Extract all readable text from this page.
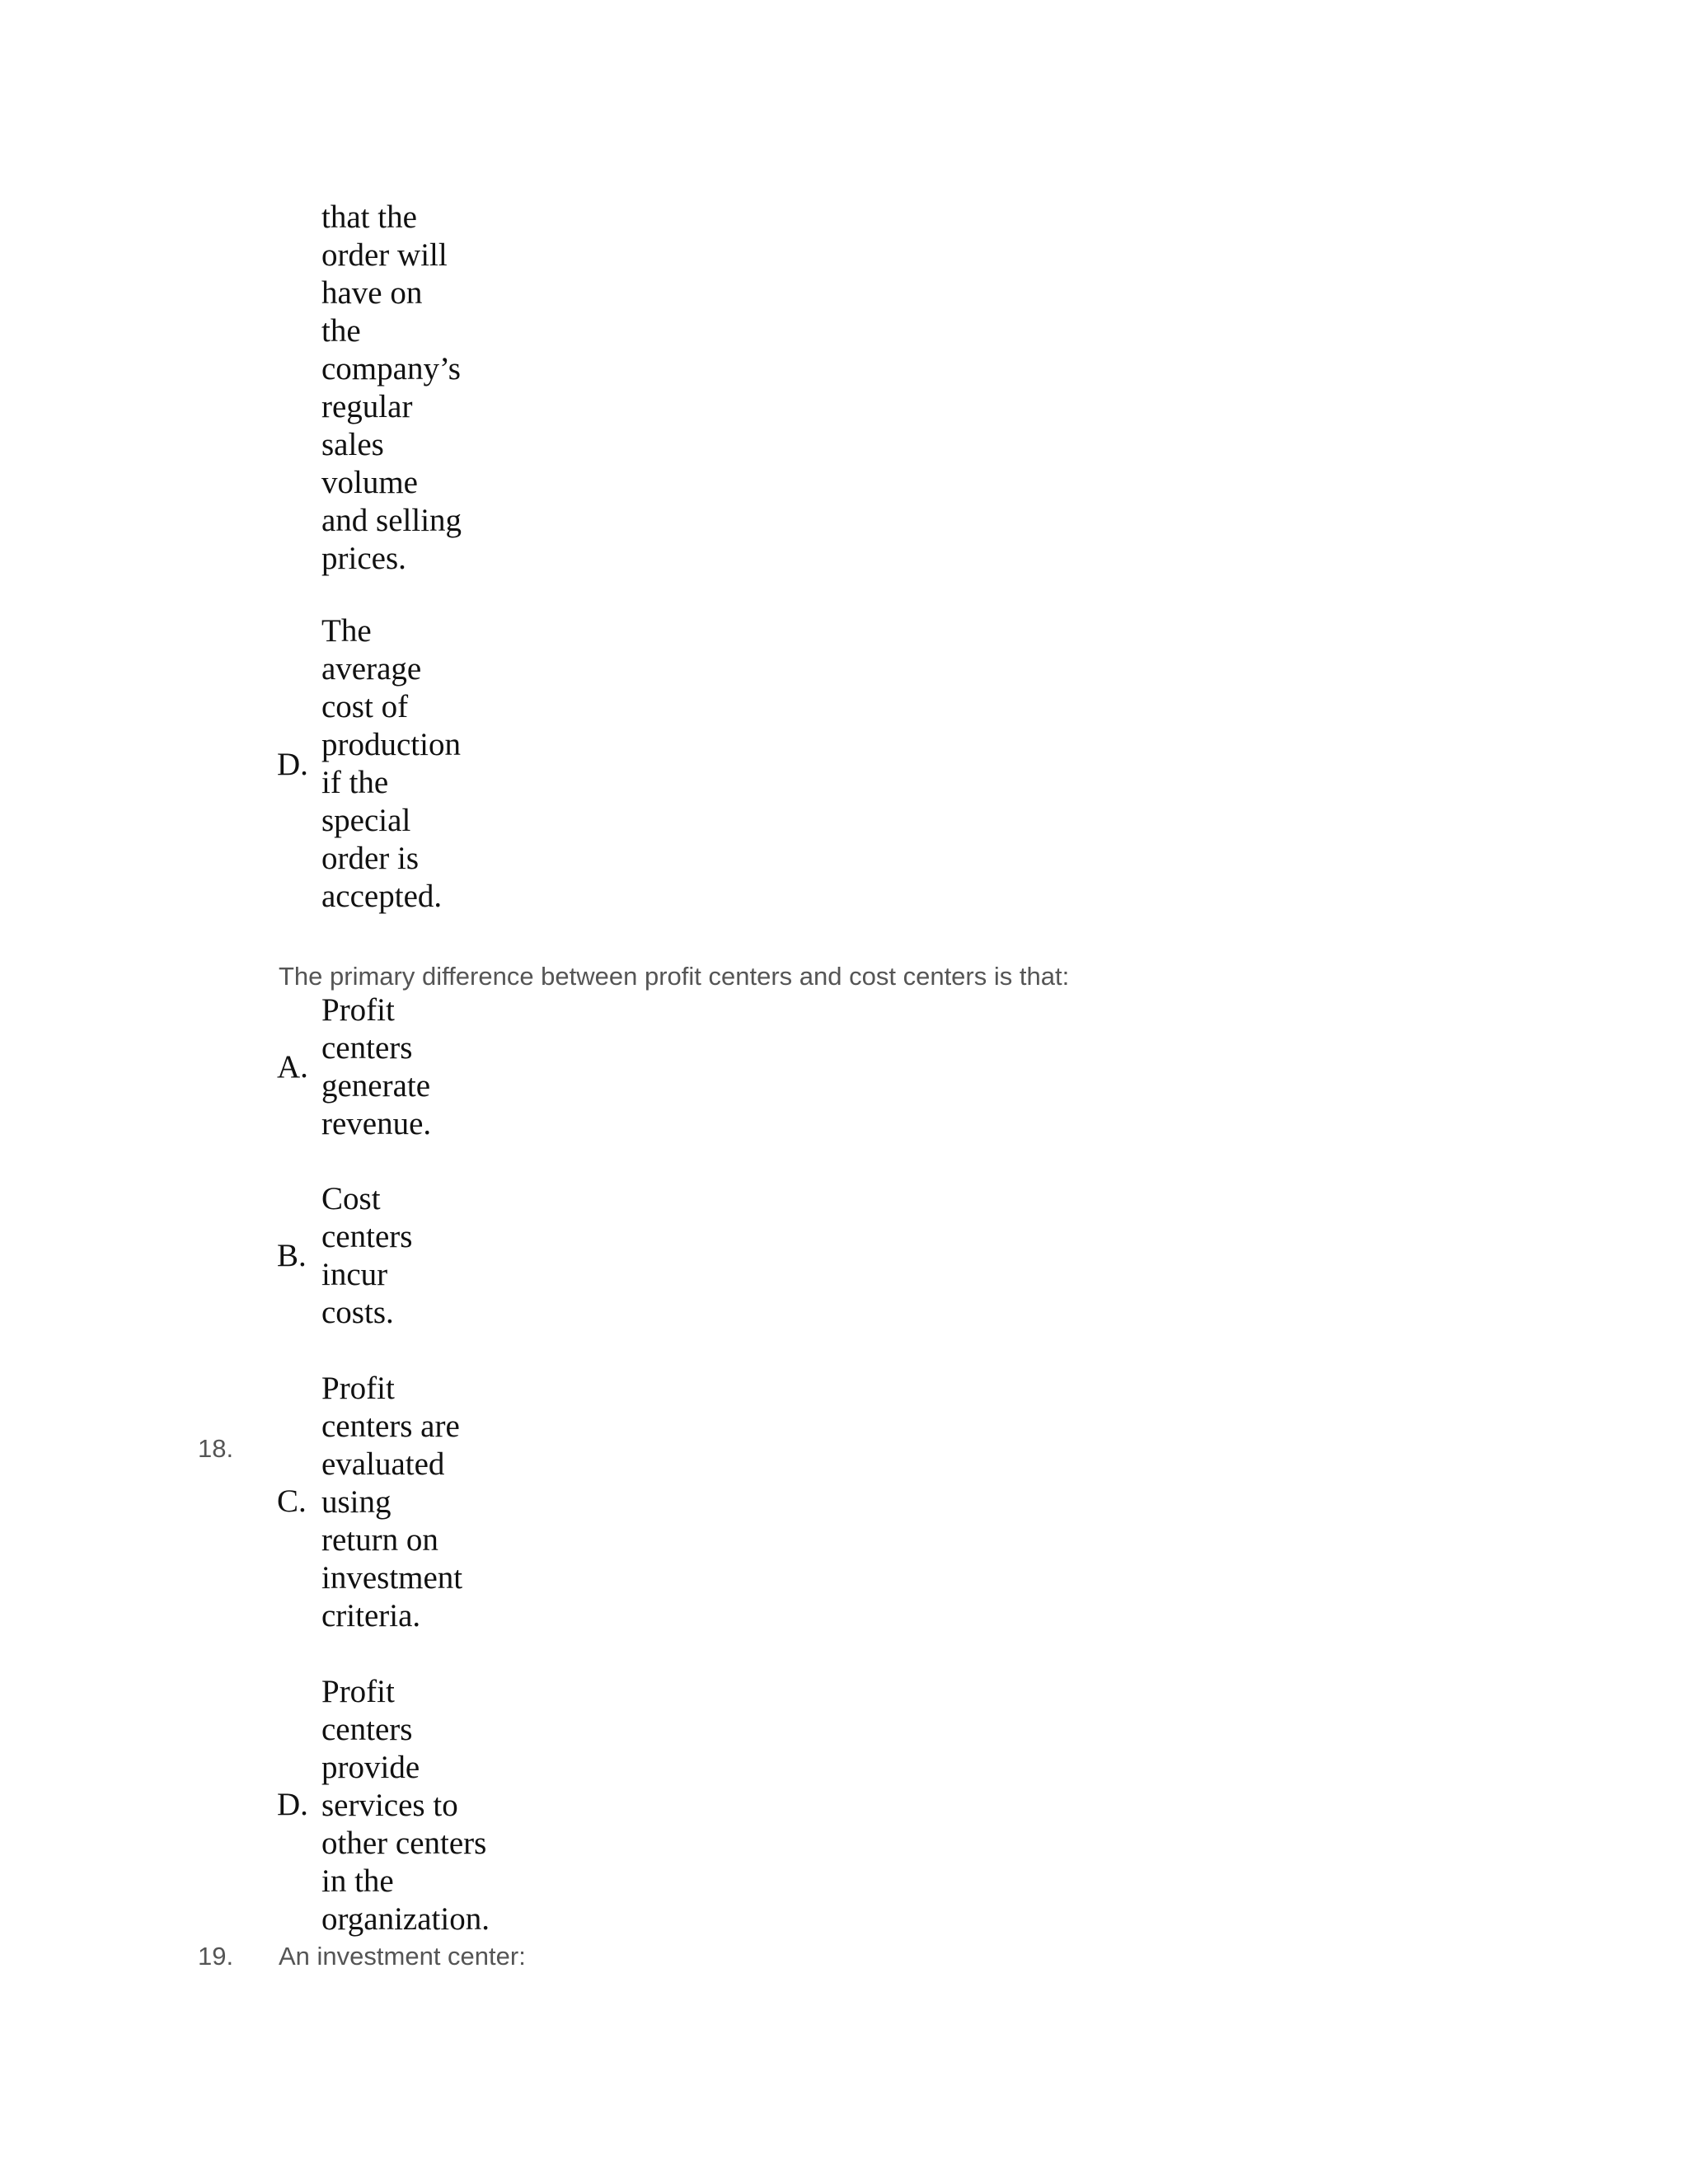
that the
order will
have on
the
company’s
regular
sales
volume
and selling
prices.
D.
The
average
cost of
production
if the
special
order is
accepted.
The primary difference between profit centers and cost centers is that:
18.
A.
Profit
centers
generate
revenue.
B.
Cost
centers
incur
costs.
C.
Profit
centers are
evaluated
using
return on
investment
criteria.
D.
Profit
centers
provide
services to
other centers
in the
organization.
19. An investment center:
